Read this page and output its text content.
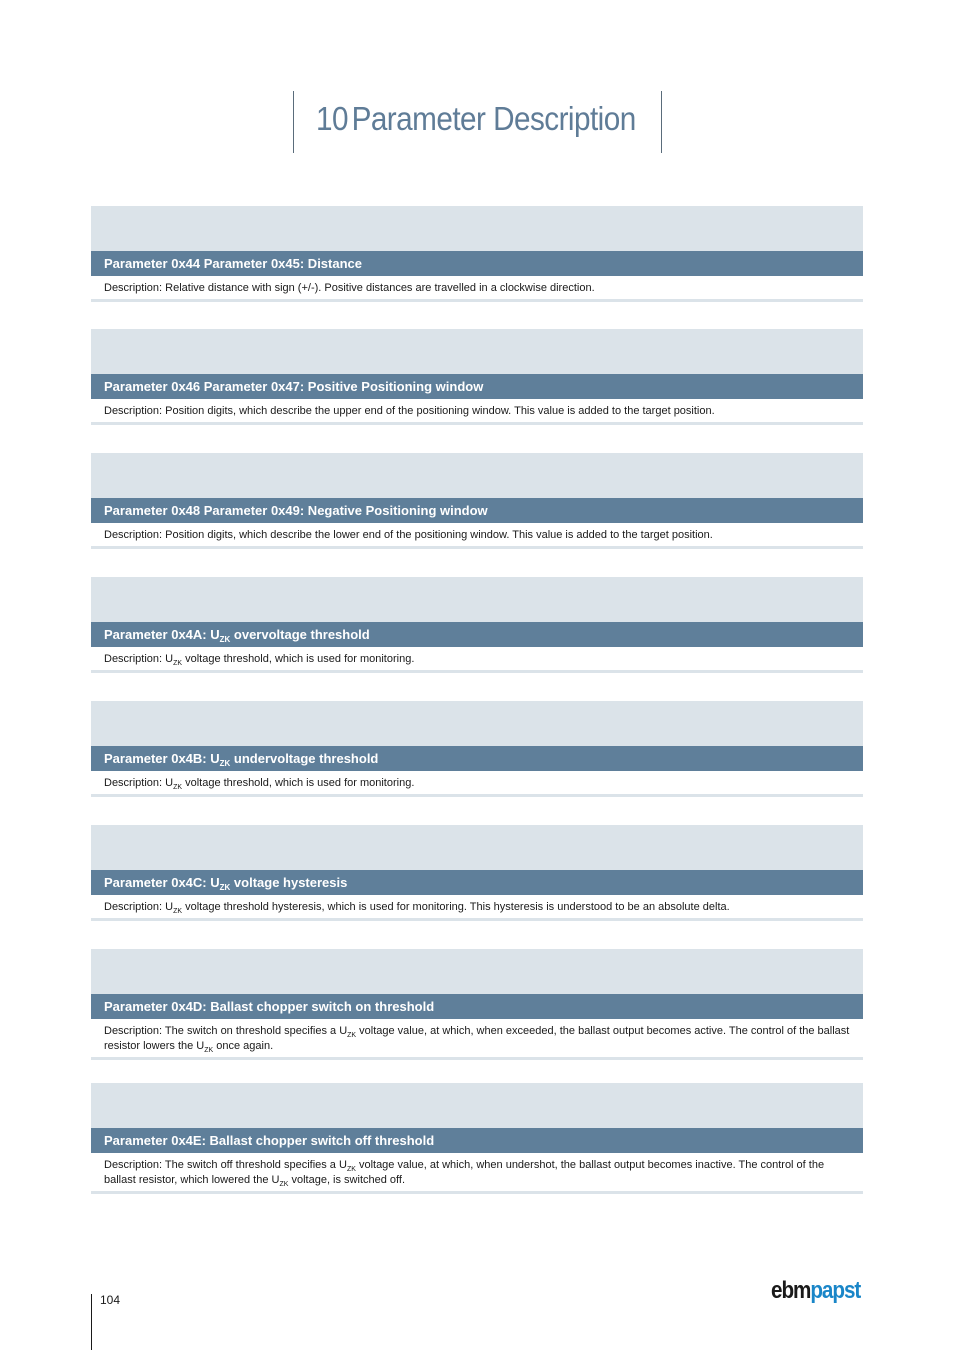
10 Parameter Description
Parameter 0x44 Parameter 0x45: Distance
Description: Relative distance with sign (+/-). Positive distances are travelled in a clockwise direction.
Parameter 0x46 Parameter 0x47: Positive Positioning window
Description: Position digits, which describe the upper end of the positioning window. This value is added to the target position.
Parameter 0x48 Parameter 0x49: Negative Positioning window
Description: Position digits, which describe the lower end of the positioning window. This value is added to the target position.
Parameter 0x4A: $U_{ZK}$ overvoltage threshold
Description: $U_{ZK}$ voltage threshold, which is used for monitoring.
Parameter 0x4B: $U_{ZK}$ undervoltage threshold
Description: $U_{ZK}$ voltage threshold, which is used for monitoring.
Parameter 0x4C: $U_{ZK}$ voltage hysteresis
Description: $U_{ZK}$ voltage threshold hysteresis, which is used for monitoring. This hysteresis is understood to be an absolute delta.
Parameter 0x4D: Ballast chopper switch on threshold
Description: The switch on threshold specifies a $U_{ZK}$ voltage value, at which, when exceeded, the ballast output becomes active. The control of the ballast resistor lowers the $U_{ZK}$ once again.
Parameter 0x4E: Ballast chopper switch off threshold
Description: The switch off threshold specifies a $U_{ZK}$ voltage value, at which, when undershot, the ballast output becomes inactive. The control of the ballast resistor, which lowered the $U_{ZK}$ voltage, is switched off.
104	ebmpapst
